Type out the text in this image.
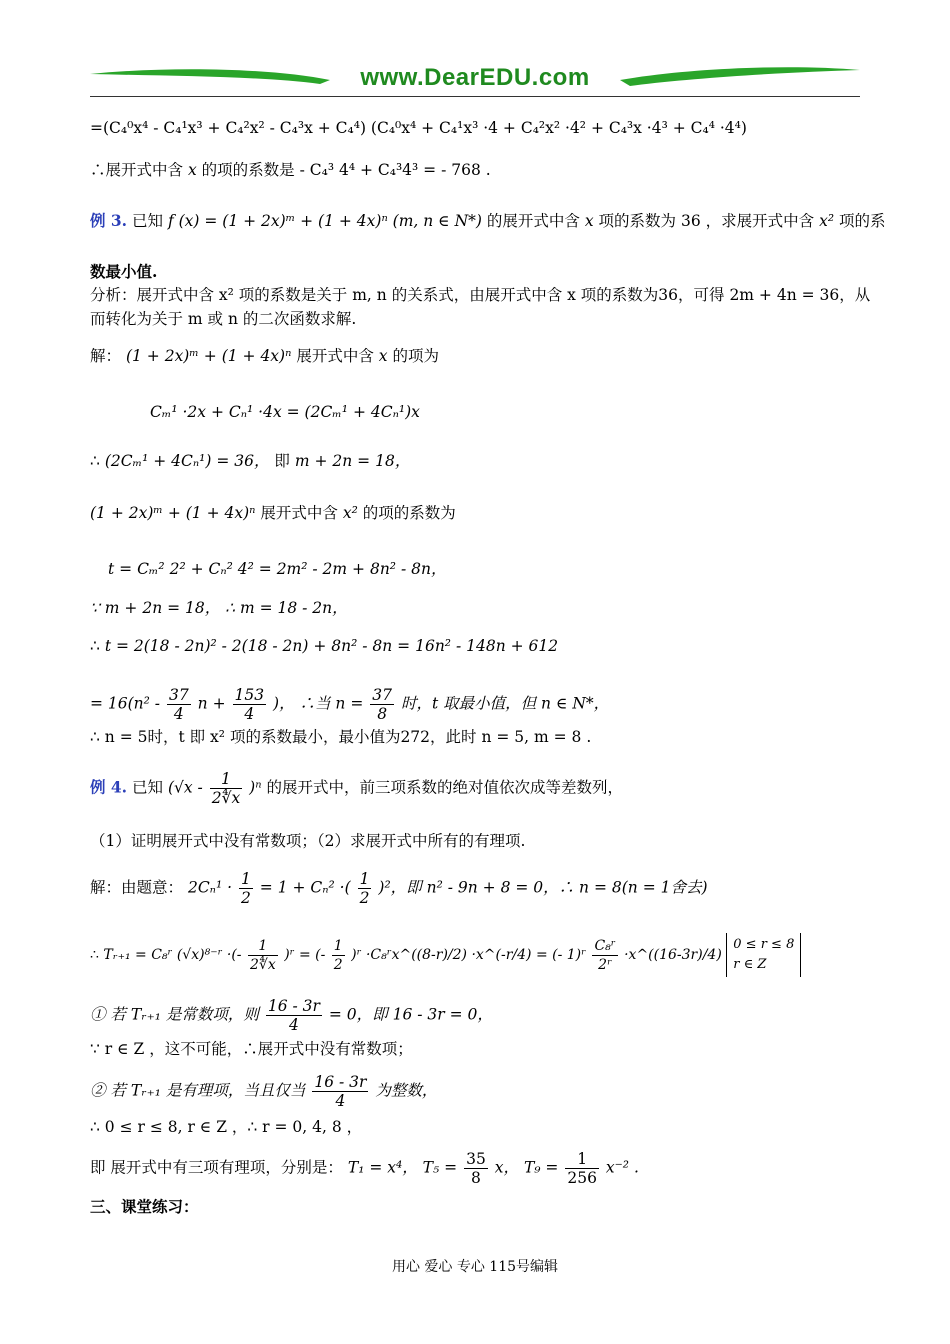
www.DearEDU.com
=(C₄⁰x⁴ - C₄¹x³ + C₄²x² - C₄³x + C₄⁴) (C₄⁰x⁴ + C₄¹x³ ·4 + C₄²x² ·4² + C₄³x ·4³ + C₄⁴ ·4⁴)
∴展开式中含 x 的项的系数是 - C₄³ 4⁴ + C₄³4³ = - 768 .
例 3. 已知 f (x) = (1 + 2x)ᵐ + (1 + 4x)ⁿ (m, n ∈ N*) 的展开式中含 x 项的系数为 36 ，求展开式中含 x² 项的系
数最小值.
分析：展开式中含 x² 项的系数是关于 m, n 的关系式，由展开式中含 x 项的系数为36，可得 2m + 4n = 36，从
而转化为关于 m 或 n 的二次函数求解.
解： (1 + 2x)ᵐ + (1 + 4x)ⁿ 展开式中含 x 的项为
Cₘ¹ ·2x + Cₙ¹ ·4x = (2Cₘ¹ + 4Cₙ¹)x
∴ (2Cₘ¹ + 4Cₙ¹) = 36， 即 m + 2n = 18，
(1 + 2x)ᵐ + (1 + 4x)ⁿ 展开式中含 x² 的项的系数为
t = Cₘ² 2² + Cₙ² 4² = 2m² - 2m + 8n² - 8n，
∵ m + 2n = 18， ∴ m = 18 - 2n，
∴ t = 2(18 - 2n)² - 2(18 - 2n) + 8n² - 8n = 16n² - 148n + 612
= $16(n^2 - \frac{37}{4}$ $n + \frac{153}{4}$ )， ∴当 $n = \frac{37}{8}$ 时，t 取最小值，但 n ∈ N*，
∴ n = 5时，t 即 x² 项的系数最小，最小值为272，此时 n = 5, m = 8 .
例 4. 已知 $(√x - \frac{1}{2∜x} )^n$ 的展开式中，前三项系数的绝对值依次成等差数列，
（1）证明展开式中没有常数项；（2）求展开式中所有的有理项.
解：由题意： $2C_n^1 \cdot \frac{1}{2} = 1 + C_n^2$ ·( $\frac{1}{2} )^2$，即 n² - 9n + 8 = 0，∴ n = 8(n = 1舍去)
∴ Tᵣ₊₁ = C₈ʳ (√x)⁸⁻ʳ ·(- $\frac{1}{2∜x}$ )ʳ = (- $\frac{1}{2}$ )ʳ ·C₈ʳx^((8-r)/2) ·x^(-r/4) = (- 1)ʳ $\frac{\text{C₈ʳ}}{\text{2ʳ}}$ ·x^((16-3r)/4)
0 ≤ r ≤ 8
r ∈ Z
① 若 Tᵣ₊₁ 是常数项，则 $\frac{16 - 3r}{4} = 0$，即 16 - 3r = 0，
∵ r ∈ Z ，这不可能，∴展开式中没有常数项；
② 若 Tᵣ₊₁ 是有理项，当且仅当 $\frac{16 - 3r}{4}$ 为整数，
∴ 0 ≤ r ≤ 8, r ∈ Z ，∴ r = 0, 4, 8 ，
即 展开式中有三项有理项，分别是： T₁ = x⁴， $T_5 = \frac{35}{8}$ x， $T_9 = \frac{1}{256} x^{-2}$ .
三、课堂练习：
用心 爱心 专心 115号编辑
